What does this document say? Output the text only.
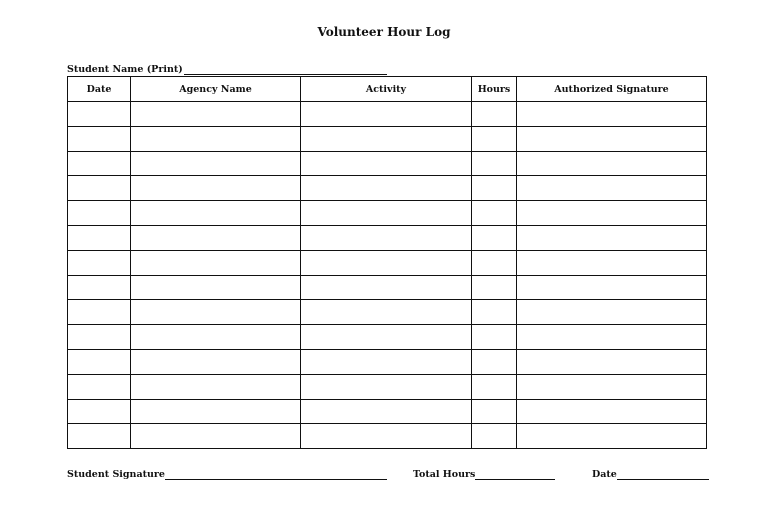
Volunteer Hour Log
Student Name (Print)
Date	Agency Name	Activity	Hours	Authorized Signature

Student Signature	Total Hours	Date
